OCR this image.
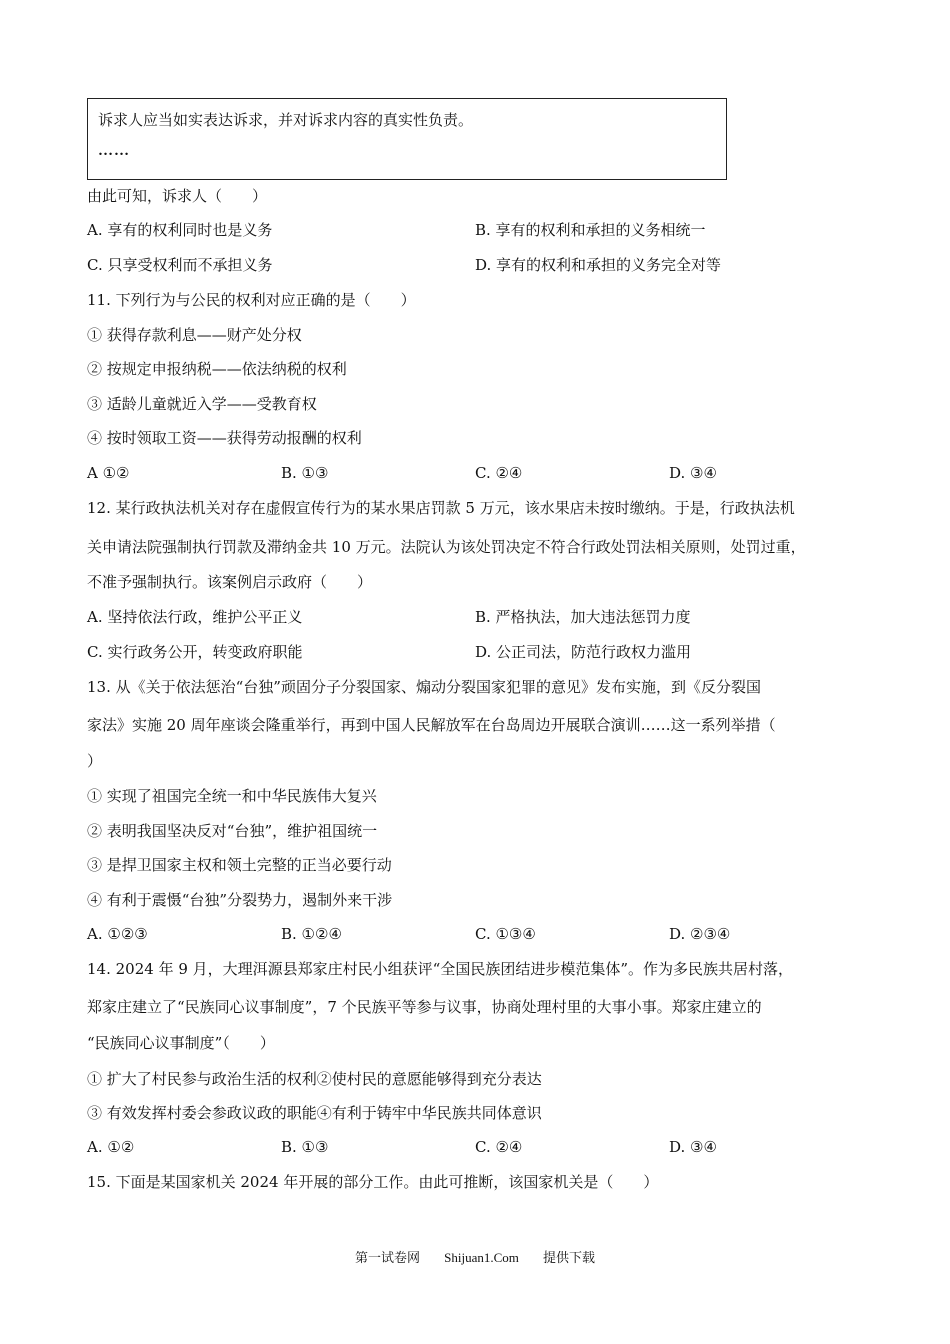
诉求人应当如实表达诉求，并对诉求内容的真实性负责。
……
由此可知，诉求人（　　）
A. 享有的权利同时也是义务	B. 享有的权利和承担的义务相统一
C. 只享受权利而不承担义务	D. 享有的权利和承担的义务完全对等
11. 下列行为与公民的权利对应正确的是（　　）
① 获得存款利息——财产处分权
② 按规定申报纳税——依法纳税的权利
③ 适龄儿童就近入学——受教育权
④ 按时领取工资——获得劳动报酬的权利
A ①②	B. ①③	C. ②④	D. ③④
12. 某行政执法机关对存在虚假宣传行为的某水果店罚款 5 万元，该水果店未按时缴纳。于是，行政执法机
关申请法院强制执行罚款及滞纳金共 10 万元。法院认为该处罚决定不符合行政处罚法相关原则，处罚过重，
不准予强制执行。该案例启示政府（　　）
A. 坚持依法行政，维护公平正义	B. 严格执法，加大违法惩罚力度
C. 实行政务公开，转变政府职能	D. 公正司法，防范行政权力滥用
13. 从《关于依法惩治“台独”顽固分子分裂国家、煽动分裂国家犯罪的意见》发布实施，到《反分裂国
家法》实施 20 周年座谈会隆重举行，再到中国人民解放军在台岛周边开展联合演训……这一系列举措（
）
① 实现了祖国完全统一和中华民族伟大复兴
② 表明我国坚决反对“台独”，维护祖国统一
③ 是捍卫国家主权和领土完整的正当必要行动
④ 有利于震慑“台独”分裂势力，遏制外来干涉
A. ①②③	B. ①②④	C. ①③④	D. ②③④
14. 2024 年 9 月，大理洱源县郑家庄村民小组获评“全国民族团结进步模范集体”。作为多民族共居村落，
郑家庄建立了“民族同心议事制度”，7 个民族平等参与议事，协商处理村里的大事小事。郑家庄建立的
“民族同心议事制度”（　　）
① 扩大了村民参与政治生活的权利②使村民的意愿能够得到充分表达
③ 有效发挥村委会参政议政的职能④有利于铸牢中华民族共同体意识
A. ①②	B. ①③	C. ②④	D. ③④
15. 下面是某国家机关 2024 年开展的部分工作。由此可推断，该国家机关是（　　）
第一试卷网 Shijuan1.Com 提供下载
